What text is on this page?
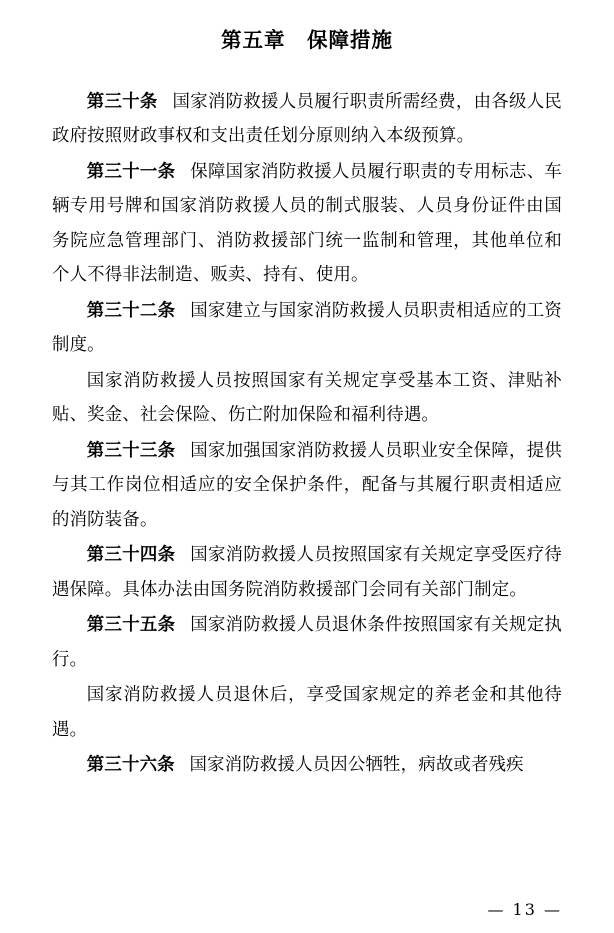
第五章　保障措施

第三十条 国家消防救援人员履行职责所需经费，由各级人民政府按照财政事权和支出责任划分原则纳入本级预算。

第三十一条 保障国家消防救援人员履行职责的专用标志、车辆专用号牌和国家消防救援人员的制式服装、人员身份证件由国务院应急管理部门、消防救援部门统一监制和管理，其他单位和个人不得非法制造、贩卖、持有、使用。

第三十二条 国家建立与国家消防救援人员职责相适应的工资制度。

国家消防救援人员按照国家有关规定享受基本工资、津贴补贴、奖金、社会保险、伤亡附加保险和福利待遇。

第三十三条 国家加强国家消防救援人员职业安全保障，提供与其工作岗位相适应的安全保护条件，配备与其履行职责相适应的消防装备。

第三十四条 国家消防救援人员按照国家有关规定享受医疗待遇保障。具体办法由国务院消防救援部门会同有关部门制定。

第三十五条 国家消防救援人员退休条件按照国家有关规定执行。

国家消防救援人员退休后，享受国家规定的养老金和其他待遇。

第三十六条 国家消防救援人员因公牺牲，病故或者残疾

— 13 —
